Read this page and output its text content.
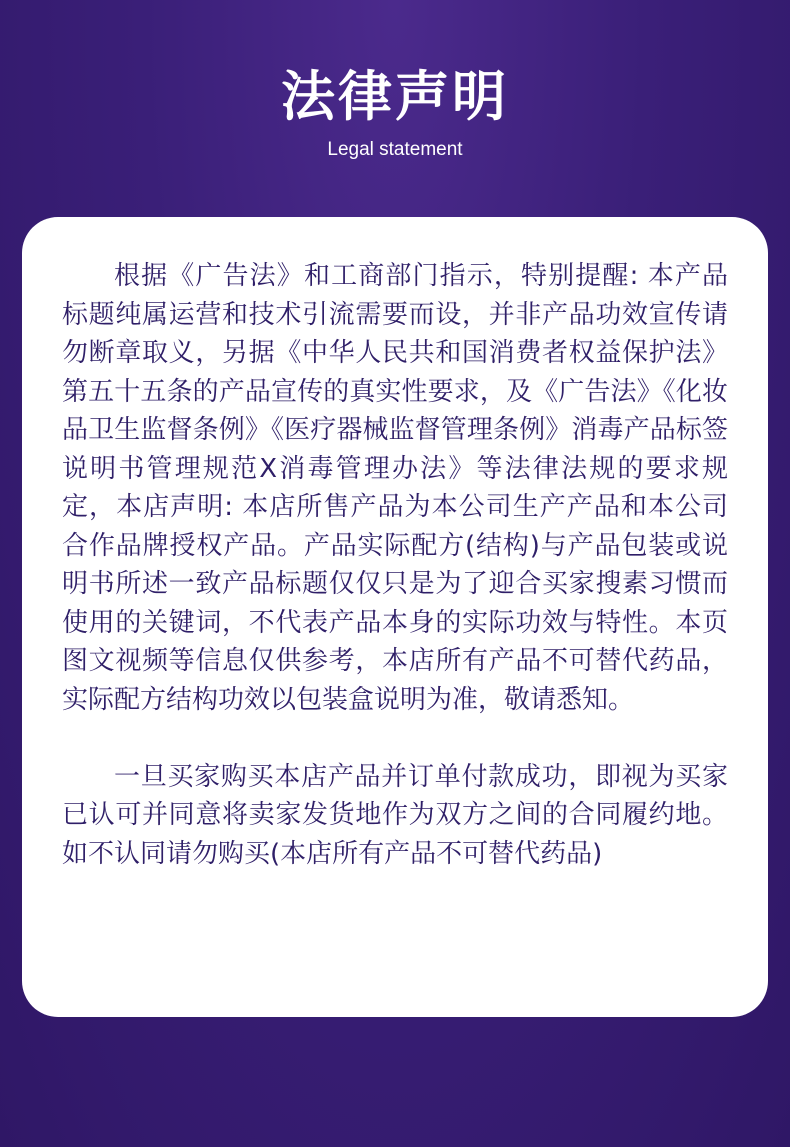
法律声明
Legal statement

根据《广告法》和工商部门指示，特别提醒: 本产品标题纯属运营和技术引流需要而设，并非产品功效宣传请勿断章取义，另据《中华人民共和国消费者权益保护法》第五十五条的产品宣传的真实性要求，及《广告法》《化妆品卫生监督条例》《医疗器械监督管理条例》消毒产品标签说明书管理规范X消毒管理办法》等法律法规的要求规定，本店声明: 本店所售产品为本公司生产产品和本公司合作品牌授权产品。产品实际配方(结构)与产品包装或说明书所述一致产品标题仅仅只是为了迎合买家搜素习惯而使用的关键词，不代表产品本身的实际功效与特性。本页图文视频等信息仅供参考，本店所有产品不可替代药品，实际配方结构功效以包装盒说明为准，敬请悉知。

一旦买家购买本店产品并订单付款成功，即视为买家已认可并同意将卖家发货地作为双方之间的合同履约地。如不认同请勿购买(本店所有产品不可替代药品)
